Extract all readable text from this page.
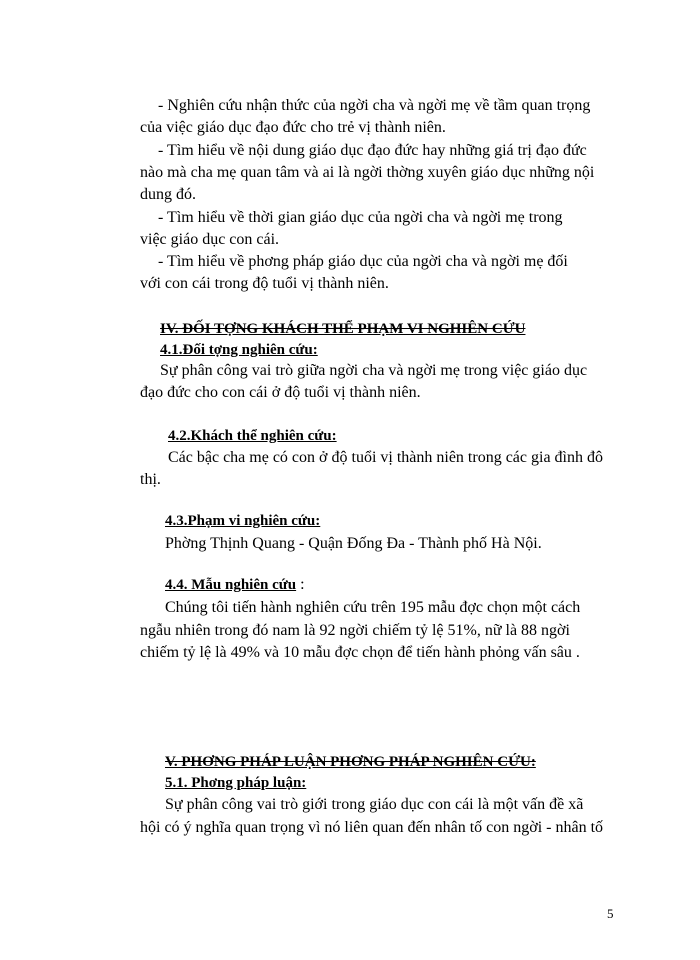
- Nghiên cứu nhận thức của ngời cha và ngời mẹ về tầm quan trọng
của việc giáo dục đạo đức cho trẻ vị thành niên.
- Tìm hiểu về nội dung giáo dục đạo đức hay những giá trị đạo đức
nào mà cha mẹ quan tâm và ai là ngời thờng xuyên giáo dục những nội
dung đó.
- Tìm hiểu về thời gian giáo dục của ngời cha và ngời mẹ trong
việc giáo dục con cái.
- Tìm hiểu về phơng pháp giáo dục của ngời cha và ngời mẹ đối
với con cái trong độ tuổi vị thành niên.
IV. ĐỐI TỢNG KHÁCH THỂ PHẠM VI NGHIÊN CỨU
4.1.Đối tợng nghiên cứu:
Sự phân công vai trò giữa ngời cha và ngời mẹ trong việc giáo dục
đạo đức cho con cái ở độ tuổi vị thành niên.
4.2.Khách thể nghiên cứu:
Các bậc cha mẹ có con ở độ tuổi vị thành niên trong các gia đình đô
thị.
4.3.Phạm vi nghiên cứu:
Phờng Thịnh Quang - Quận Đống Đa - Thành phố Hà Nội.
4.4. Mẫu nghiên cứu :
Chúng tôi tiến hành nghiên cứu trên 195 mẫu đợc chọn một cách
ngẫu nhiên trong đó nam là 92 ngời chiếm tỷ lệ 51%, nữ là 88 ngời
chiếm tỷ lệ là 49% và 10 mẫu đợc chọn để tiến hành phỏng vấn sâu .
V. PHƠNG PHÁP LUẬN PHƠNG PHÁP NGHIÊN CỨU:
5.1. Phơng pháp luận:
Sự phân công vai trò giới trong giáo dục con cái là một vấn đề xã
hội có ý nghĩa quan trọng vì nó liên quan đến nhân tố con ngời - nhân tố
5
